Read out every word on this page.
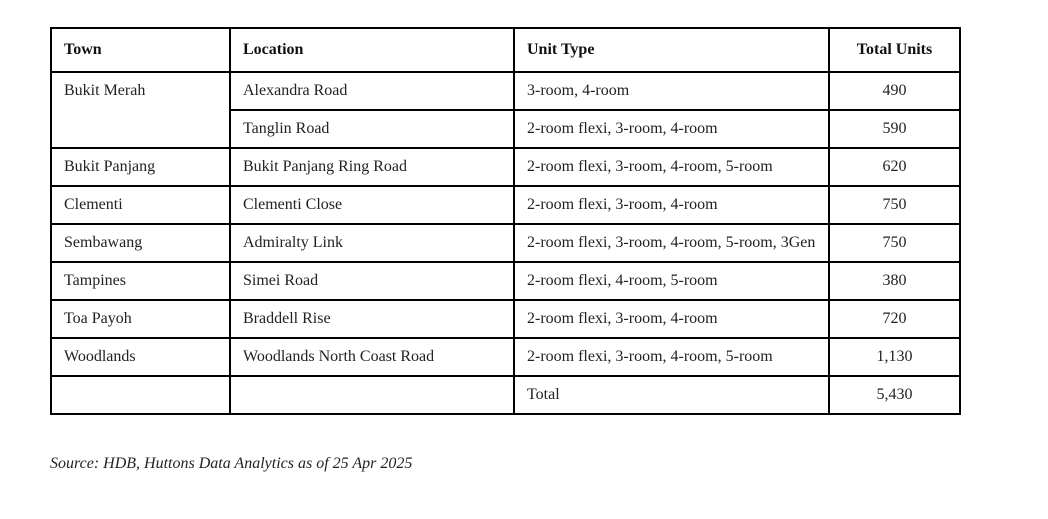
Town	Location	Unit Type	Total Units
Bukit Merah	Alexandra Road	3-room, 4-room	490
	Tanglin Road	2-room flexi, 3-room, 4-room	590
Bukit Panjang	Bukit Panjang Ring Road	2-room flexi, 3-room, 4-room, 5-room	620
Clementi	Clementi Close	2-room flexi, 3-room, 4-room	750
Sembawang	Admiralty Link	2-room flexi, 3-room, 4-room, 5-room, 3Gen	750
Tampines	Simei Road	2-room flexi, 4-room, 5-room	380
Toa Payoh	Braddell Rise	2-room flexi, 3-room, 4-room	720
Woodlands	Woodlands North Coast Road	2-room flexi, 3-room, 4-room, 5-room	1,130
		Total	5,430
Source: HDB, Huttons Data Analytics as of 25 Apr 2025
